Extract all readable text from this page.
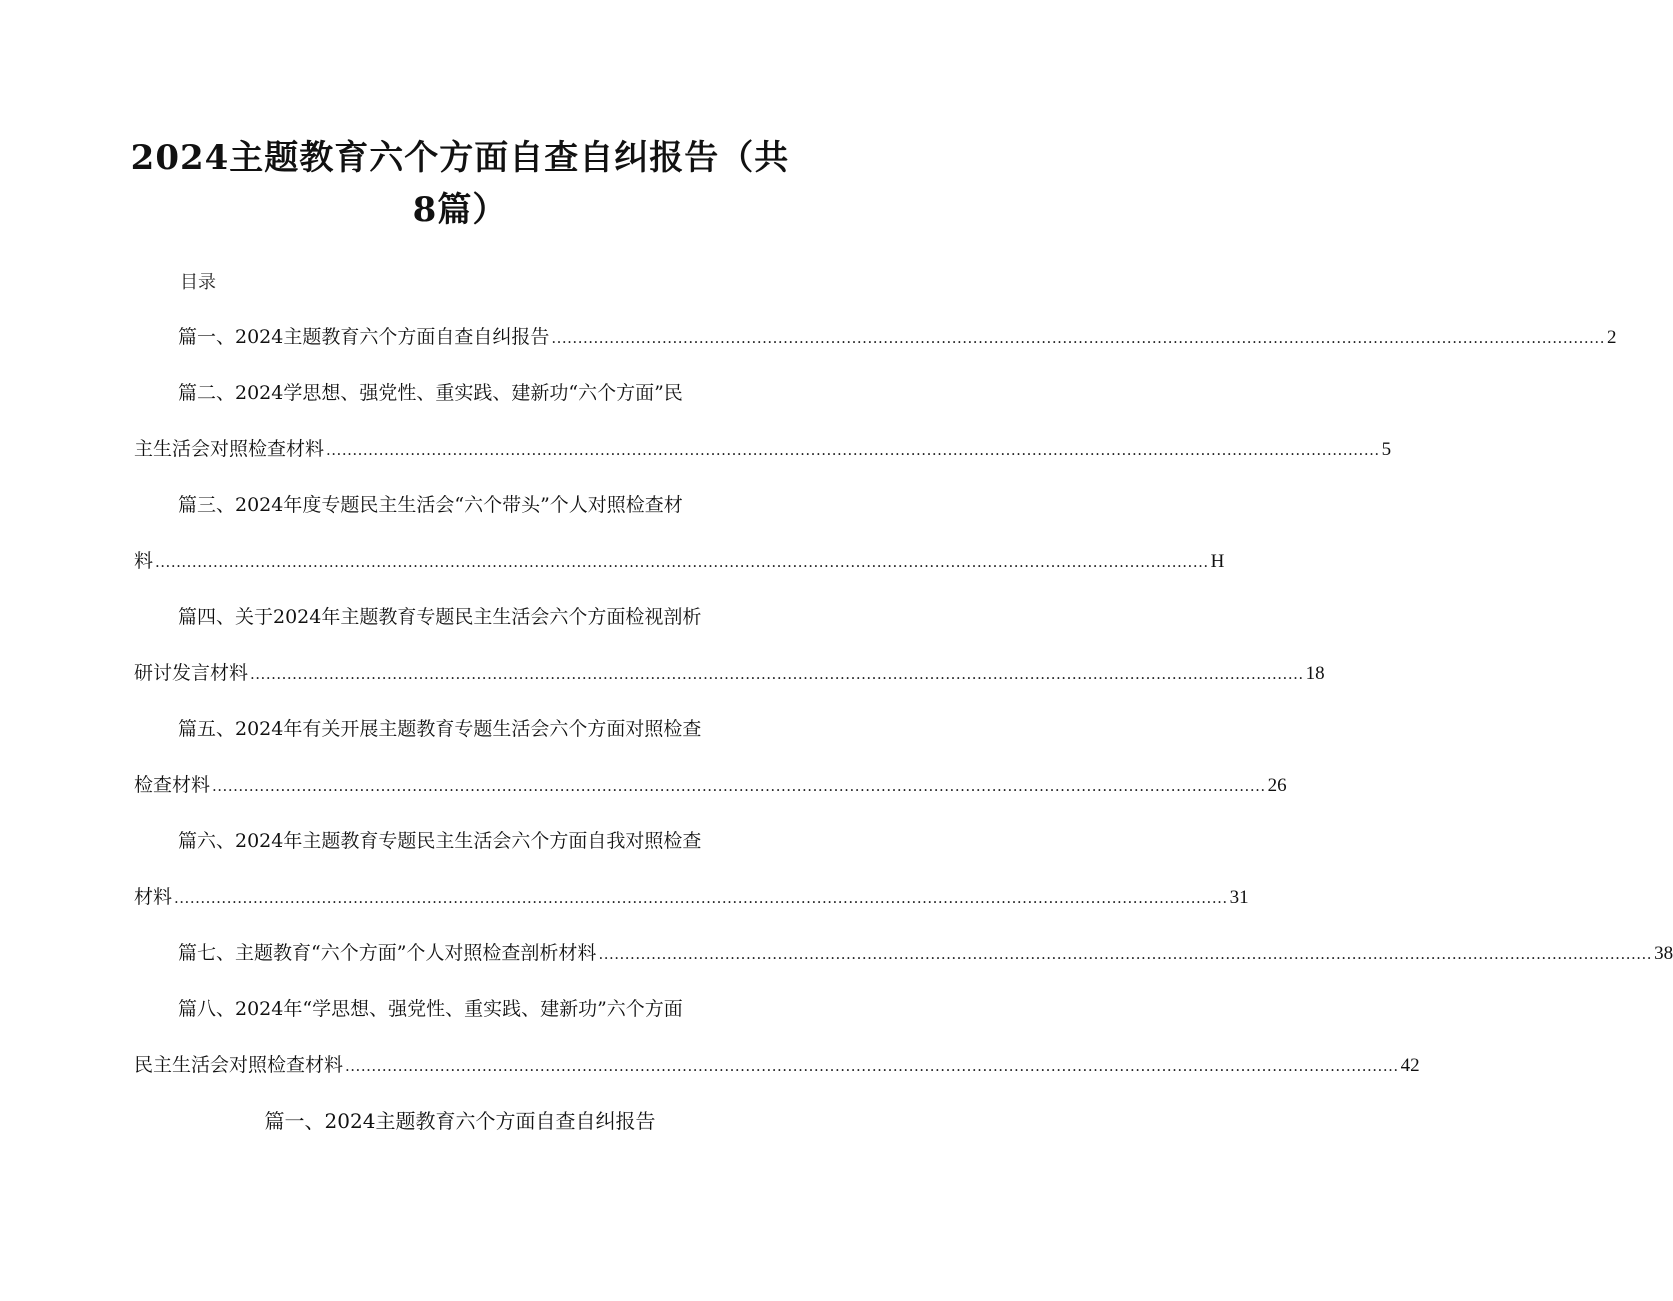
2024主题教育六个方面自查自纠报告（共8篇）
目录
篇一、2024主题教育六个方面自查自纠报告 ........................................................................................................................................................................................................ 2
篇二、2024学思想、强党性、重实践、建新功“六个方面”民
主生活会对照检查材料 ........................................................................................................................................................................................................ 5
篇三、2024年度专题民主生活会“六个带头”个人对照检查材
料 ........................................................................................................................................................................................................ H
篇四、关于2024年主题教育专题民主生活会六个方面检视剖析
研讨发言材料 ........................................................................................................................................................................................................ 18
篇五、2024年有关开展主题教育专题生活会六个方面对照检查
检查材料 ........................................................................................................................................................................................................ 26
篇六、2024年主题教育专题民主生活会六个方面自我对照检查
材料 ........................................................................................................................................................................................................ 31
篇七、主题教育“六个方面”个人对照检查剖析材料 ........................................................................................................................................................................................................ 38
篇八、2024年“学思想、强党性、重实践、建新功”六个方面
民主生活会对照检查材料 ........................................................................................................................................................................................................ 42
篇一、2024主题教育六个方面自查自纠报告
